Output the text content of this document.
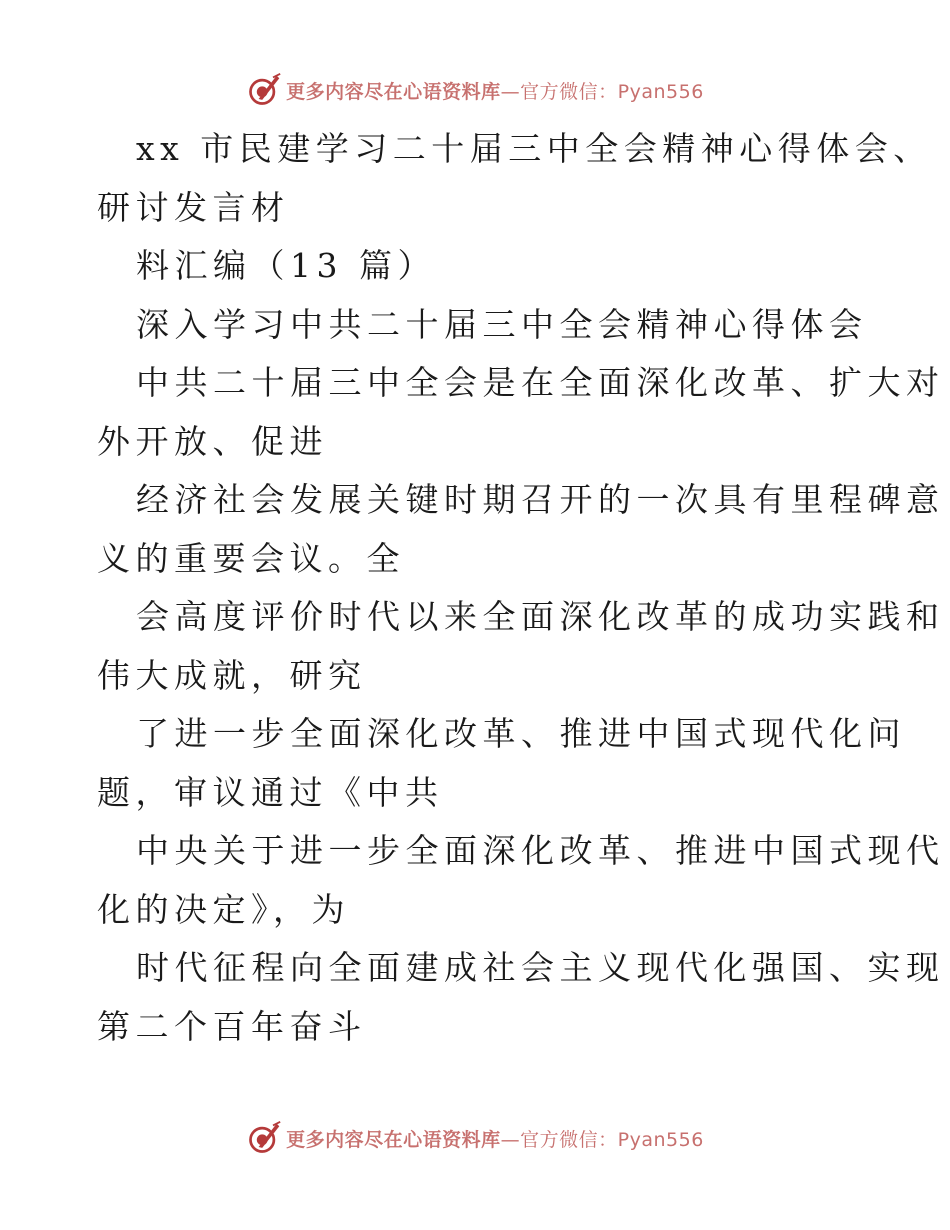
更多内容尽在心语资料库—官方微信：Pyan556
xx 市民建学习二十届三中全会精神心得体会、
研讨发言材
料汇编（13 篇）
深入学习中共二十届三中全会精神心得体会
中共二十届三中全会是在全面深化改革、扩大对
外开放、促进
经济社会发展关键时期召开的一次具有里程碑意
义的重要会议。全
会高度评价时代以来全面深化改革的成功实践和
伟大成就，研究
了进一步全面深化改革、推进中国式现代化问
题，审议通过《中共
中央关于进一步全面深化改革、推进中国式现代
化的决定》，为
时代征程向全面建成社会主义现代化强国、实现
第二个百年奋斗
更多内容尽在心语资料库—官方微信：Pyan556
